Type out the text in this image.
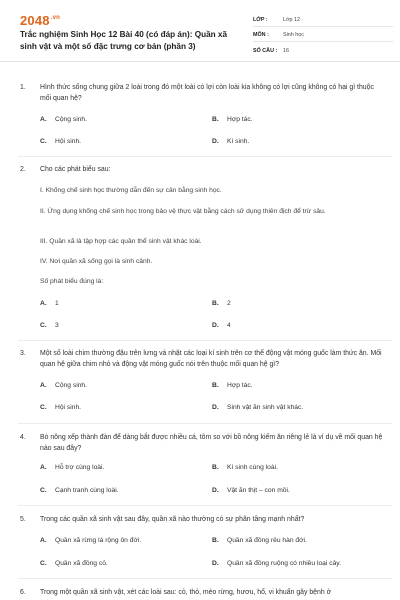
$2048^{.vn}$
Trắc nghiệm Sinh Học 12 Bài 40 (có đáp án): Quần xã sinh vật và một số đặc trưng cơ bản (phần 3)
LỚP :	Lớp 12
MÔN :	Sinh học
SỐ CÂU :	16
1.	Hình thức sống chung giữa 2 loài trong đó một loài có lợi còn loài kia không có lợi cũng không có hại gì thuộc mối quan hệ?
A. Cộng sinh.	B. Hợp tác.
C. Hội sinh.	D. Kí sinh.
2.	Cho các phát biểu sau:
I. Khống chế sinh học thường dẫn đến sự cân bằng sinh học.
II. Ứng dụng khống chế sinh học trong bảo vệ thực vật bằng cách sử dụng thiên địch để trừ sâu.
III. Quần xã là tập hợp các quần thể sinh vật khác loài.
IV. Nơi quần xã sống gọi là sinh cảnh.
Số phát biểu đúng là:
A. 1	B. 2
C. 3	D. 4
3.	Một số loài chim thường đậu trên lưng và nhặt các loại kí sinh trên cơ thể động vật móng guốc làm thức ăn. Mối quan hệ giữa chim nhỏ và động vật móng guốc nói trên thuộc mối quan hệ gì?
A. Cộng sinh.	B. Hợp tác.
C. Hội sinh.	D. Sinh vật ăn sinh vật khác.
4.	Bò nông xếp thành đàn để dàng bắt được nhiều cá, tôm so với bồ nông kiếm ăn riêng lẻ là ví dụ về mối quan hệ nào sau đây?
A. Hỗ trợ cùng loài.	B. Kí sinh cùng loài.
C. Cạnh tranh cùng loài.	D. Vật ăn thịt – con mồi.
5.	Trong các quần xã sinh vật sau đây, quần xã nào thường có sự phân tầng mạnh nhất?
A. Quần xã rừng lá rộng ôn đới.	B. Quần xã đồng rêu hàn đới.
C. Quần xã đồng cỏ.	D. Quần xã đồng ruộng có nhiều loại cây.
6.	Trong một quần xã sinh vật, xét các loài sau: cỏ, thỏ, mèo rừng, hươu, hổ, vi khuẩn gây bệnh ở
